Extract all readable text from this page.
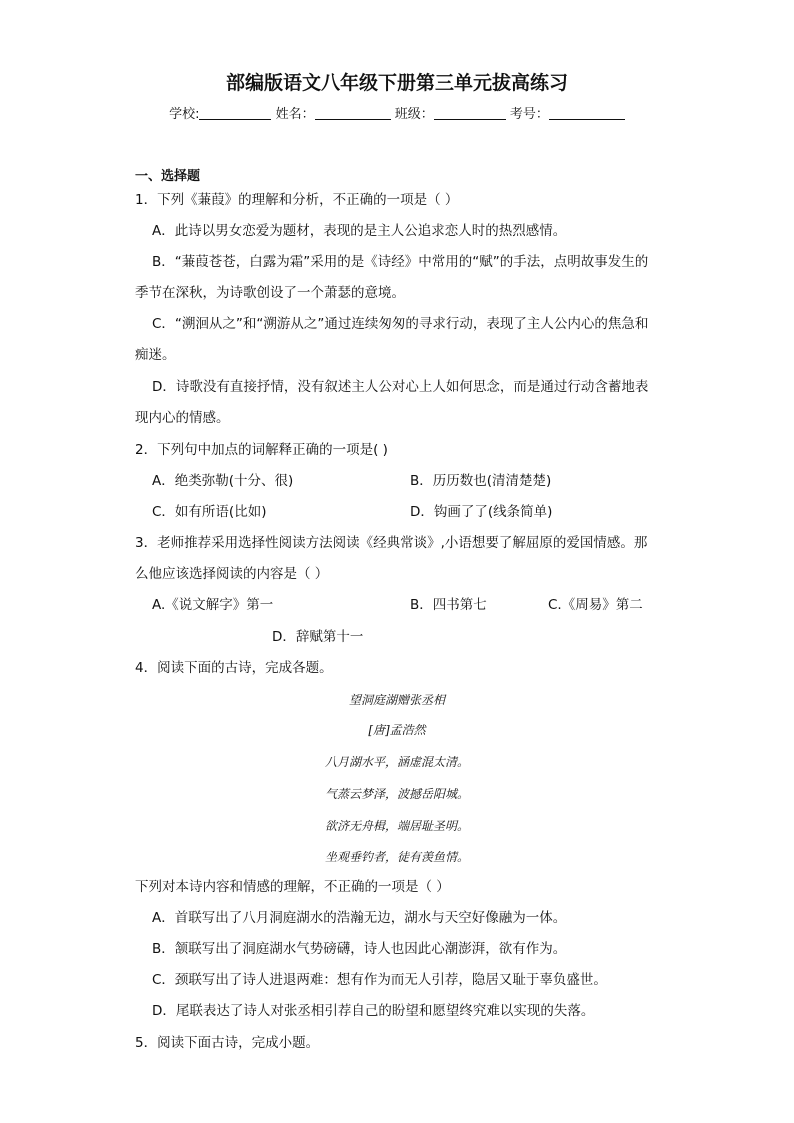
部编版语文八年级下册第三单元拔高练习
学校:	姓名：	班级：	考号：
一、选择题
1．下列《蒹葭》的理解和分析，不正确的一项是（ ）
A．此诗以男女恋爱为题材，表现的是主人公追求恋人时的热烈感情。
B．“蒹葭苍苍，白露为霜”采用的是《诗经》中常用的“赋”的手法，点明故事发生的
季节在深秋，为诗歌创设了一个萧瑟的意境。
C．“溯洄从之”和“溯游从之”通过连续匆匆的寻求行动，表现了主人公内心的焦急和
痴迷。
D．诗歌没有直接抒情，没有叙述主人公对心上人如何思念，而是通过行动含蓄地表
现内心的情感。
2．下列句中加点的词解释正确的一项是( )
A．绝类弥勒(十分、很)	B．历历数也(清清楚楚)
C．如有所语(比如)	D．钩画了了(线条简单)
3．老师推荐采用选择性阅读方法阅读《经典常谈》,小语想要了解屈原的爱国情感。那
么他应该选择阅读的内容是（ ）
A.《说文解字》第一	B．四书第七	C.《周易》第二
D．辞赋第十一
4．阅读下面的古诗，完成各题。
望洞庭湖赠张丞相
[唐]孟浩然
八月湖水平，涵虚混太清。
气蒸云梦泽，波撼岳阳城。
欲济无舟楫，端居耻圣明。
坐观垂钓者，徒有羡鱼情。
下列对本诗内容和情感的理解，不正确的一项是（ ）
A．首联写出了八月洞庭湖水的浩瀚无边，湖水与天空好像融为一体。
B．颔联写出了洞庭湖水气势磅礴，诗人也因此心潮澎湃，欲有作为。
C．颈联写出了诗人进退两难：想有作为而无人引荐，隐居又耻于辜负盛世。
D．尾联表达了诗人对张丞相引荐自己的盼望和愿望终究难以实现的失落。
5．阅读下面古诗，完成小题。
